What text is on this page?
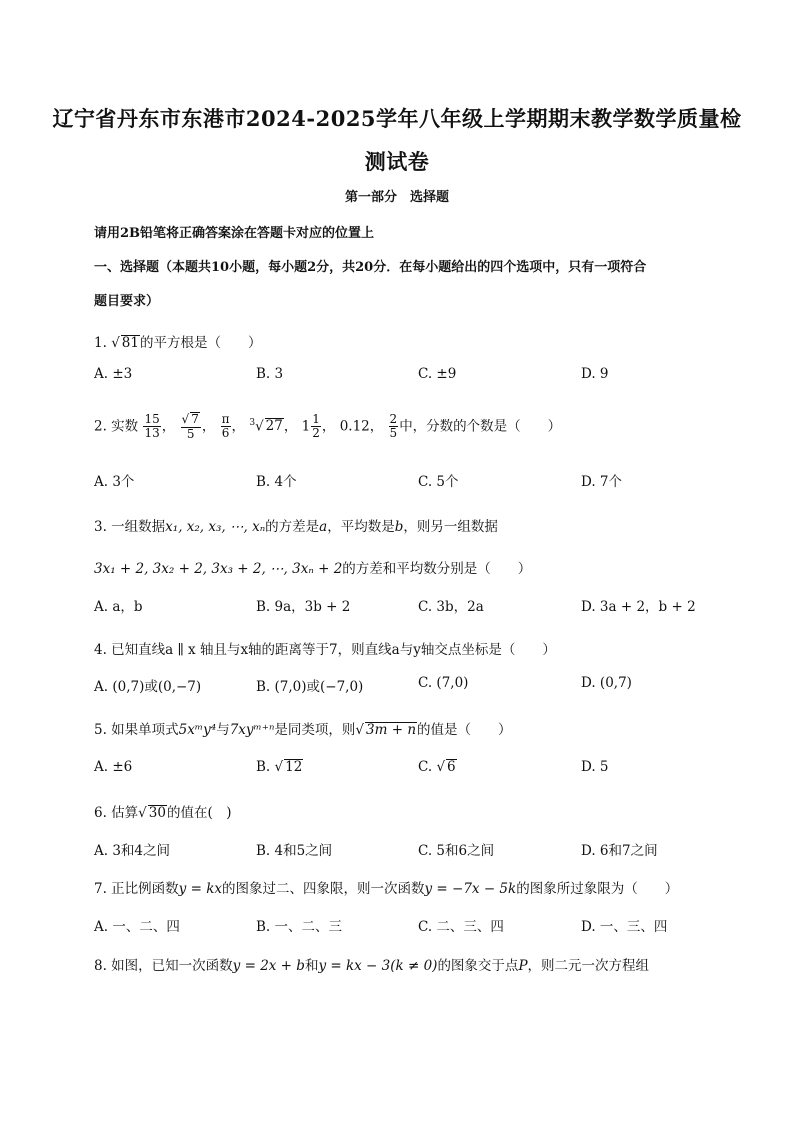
辽宁省丹东市东港市2024-2025学年八年级上学期期末教学数学质量检
测试卷
第一部分　选择题
请用2B铅笔将正确答案涂在答题卡对应的位置上
一、选择题（本题共10小题，每小题2分，共20分．在每小题给出的四个选项中，只有一项符合
题目要求）
1. √ 81的平方根是（　　）
A. ±3	B. 3	C. ±9	D. 9
2. 实数 $\frac{15}{13}$ ， $\frac{√ 7}{5}$ ， $\frac{\pi}{6}$ ， $^3$√ 27， $1 \frac{1}{2}$ ， 0.12， $\frac{2}{5}$ 中，分数的个数是（　　）
A. 3个	B. 4个	C. 5个	D. 7个
3. 一组数据x₁, x₂, x₃, ⋯, xₙ的方差是a，平均数是b，则另一组数据
3x₁ + 2, 3x₂ + 2, 3x₃ + 2, ⋯, 3xₙ + 2的方差和平均数分别是（　　）
A. a，b	B. 9a，3b + 2	C. 3b，2a	D. 3a + 2，b + 2
4. 已知直线a ∥ x 轴且与x轴的距离等于7，则直线a与y轴交点坐标是（　　）
A. (0,7)或(0,−7)	B. (7,0)或(−7,0)	C. (7,0)	D. (0,7)
5. 如果单项式5xᵐy⁴与7xyᵐ⁺ⁿ是同类项，则√ 3m + n的值是（　　）
A. ±6	B. √ 12	C. √ 6	D. 5
6. 估算√ 30的值在(　)
A. 3和4之间	B. 4和5之间	C. 5和6之间	D. 6和7之间
7. 正比例函数y = kx的图象过二、四象限，则一次函数y = −7x − 5k的图象所过象限为（　　）
A. 一、二、四	B. 一、二、三	C. 二、三、四	D. 一、三、四
8. 如图，已知一次函数y = 2x + b和y = kx − 3(k ≠ 0)的图象交于点P，则二元一次方程组
